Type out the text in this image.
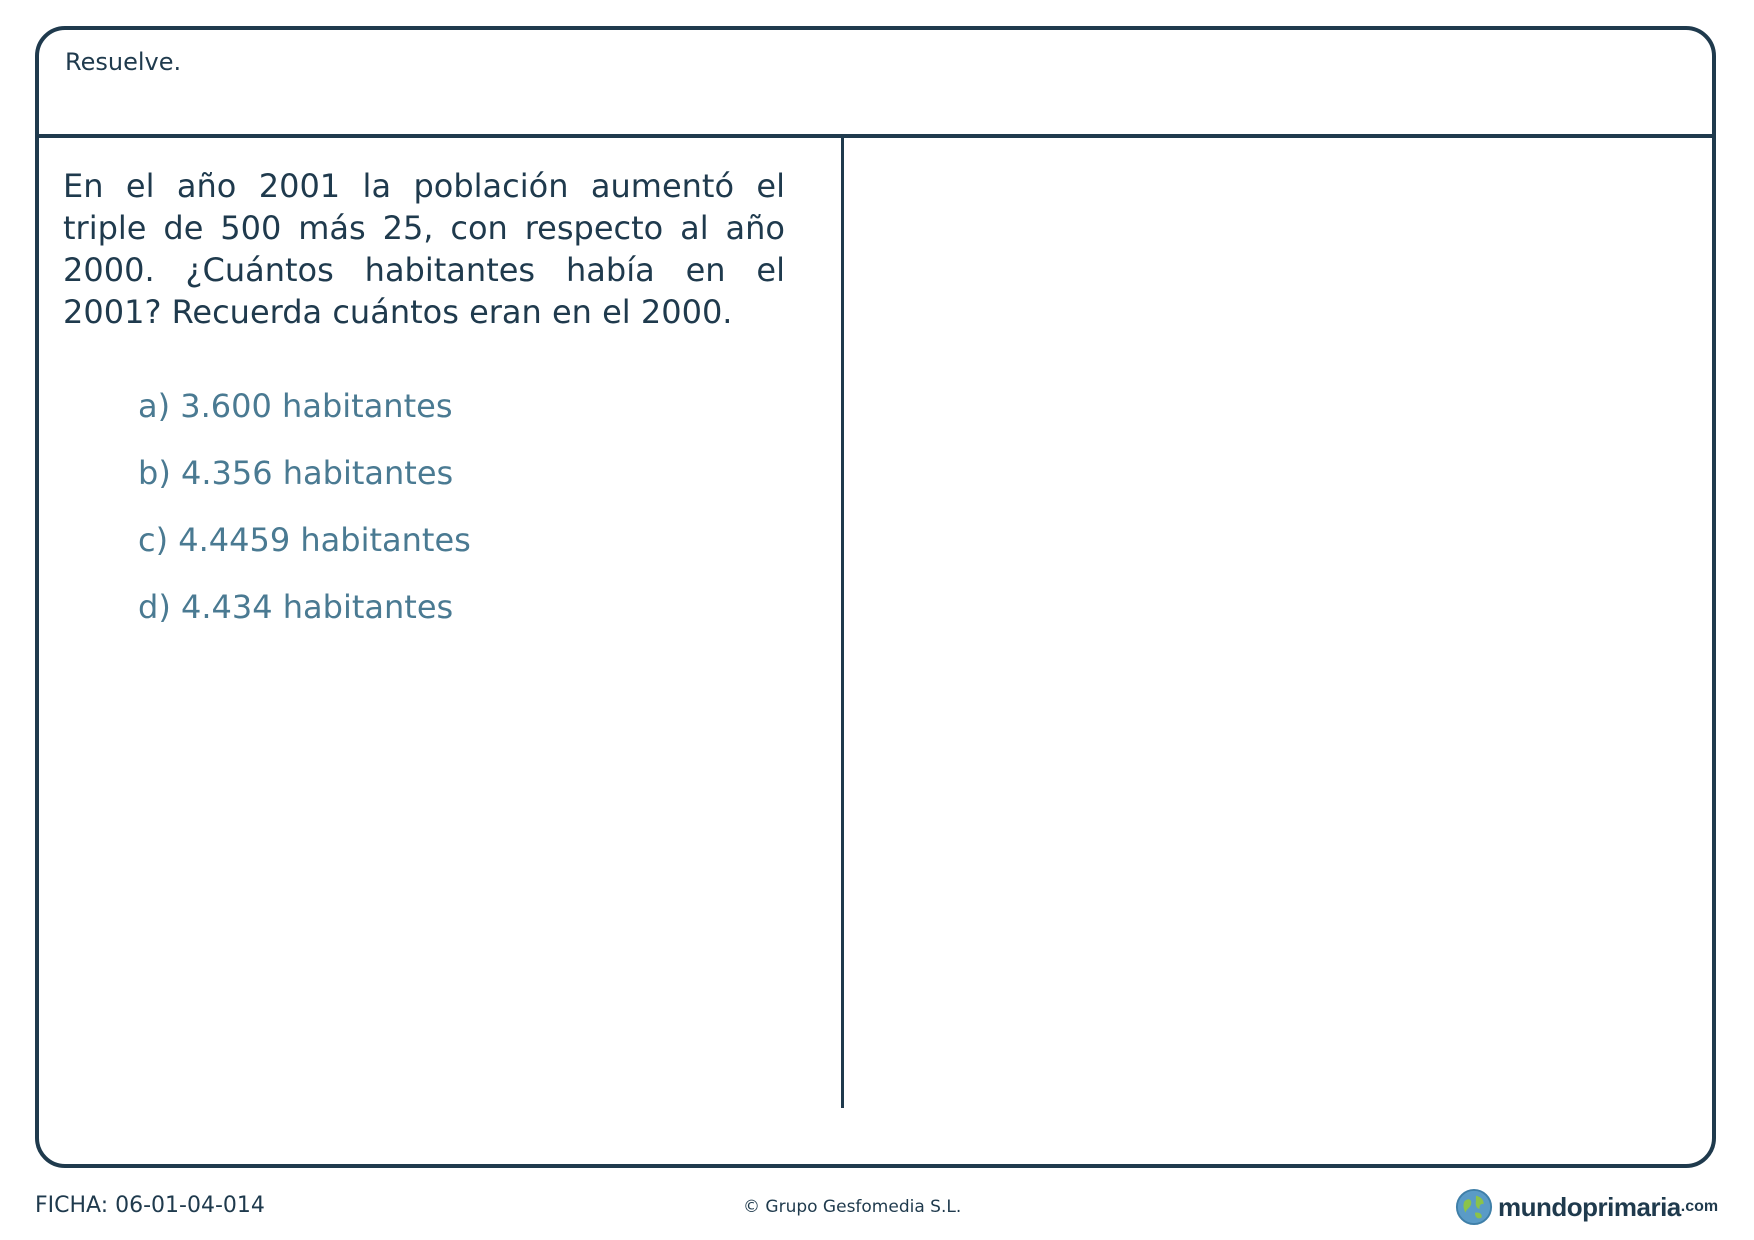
Resuelve.
En el año 2001 la población aumentó el triple de 500 más 25, con respecto al año 2000. ¿Cuántos habitantes había en el 2001? Recuerda cuántos eran en el 2000.
a) 3.600 habitantes
b) 4.356 habitantes
c) 4.4459 habitantes
d) 4.434 habitantes
FICHA: 06-01-04-014	© Grupo Gesfomedia S.L.	mundoprimaria .com
